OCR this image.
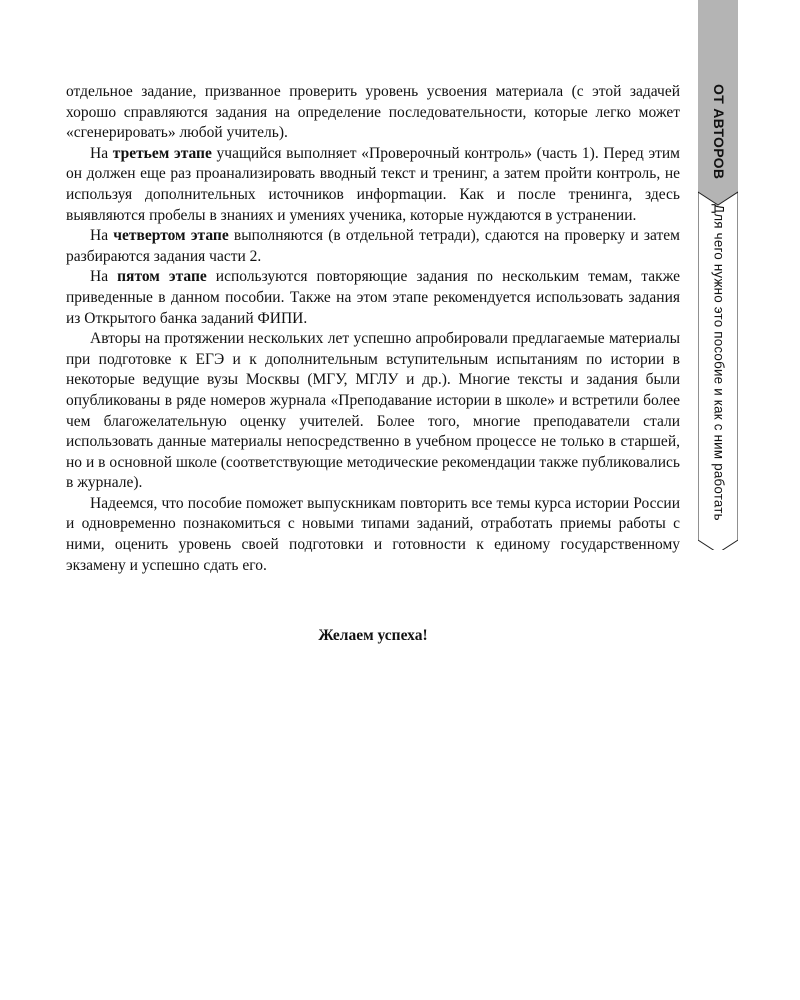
ОТ АВТОРОВ
Для чего нужно это пособие и как с ним работать

отдельное задание, призванное проверить уровень усвоения материала (с этой задачей хорошо справляются задания на определение последовательности, которые легко может «сгенерировать» любой учитель).

На третьем этапе учащийся выполняет «Проверочный контроль» (часть 1). Перед этим он должен еще раз проанализировать вводный текст и тренинг, а затем пройти контроль, не используя дополнительных источников инфорmации. Как и после тренинга, здесь выявляются пробелы в знаниях и умениях ученика, которые нуждаются в устранении.

На четвертом этапе выполняются (в отдельной тетради), сдаются на проверку и затем разбираются задания части 2.

На пятом этапе используются повторяющие задания по нескольким темам, также приведенные в данном пособии. Также на этом этапе рекомендуется использовать задания из Открытого банка заданий ФИПИ.

Авторы на протяжении нескольких лет успешно апробировали предлагаемые материалы при подготовке к ЕГЭ и к дополнительным вступительным испытаниям по истории в некоторые ведущие вузы Москвы (МГУ, МГЛУ и др.). Многие тексты и задания были опубликованы в ряде номеров журнала «Преподавание истории в школе» и встретили более чем благожелательную оценку учителей. Более того, многие преподаватели стали использовать данные материалы непосредственно в учебном процессе не только в старшей, но и в основной школе (соответствующие методические рекомендации также публиковались в журнале).

Надеемся, что пособие поможет выпускникам повторить все темы курса истории России и одновременно познакомиться с новыми типами заданий, отработать приемы работы с ними, оценить уровень своей подготовки и готовности к единому государственному экзамену и успешно сдать его.

Желаем успеха!
